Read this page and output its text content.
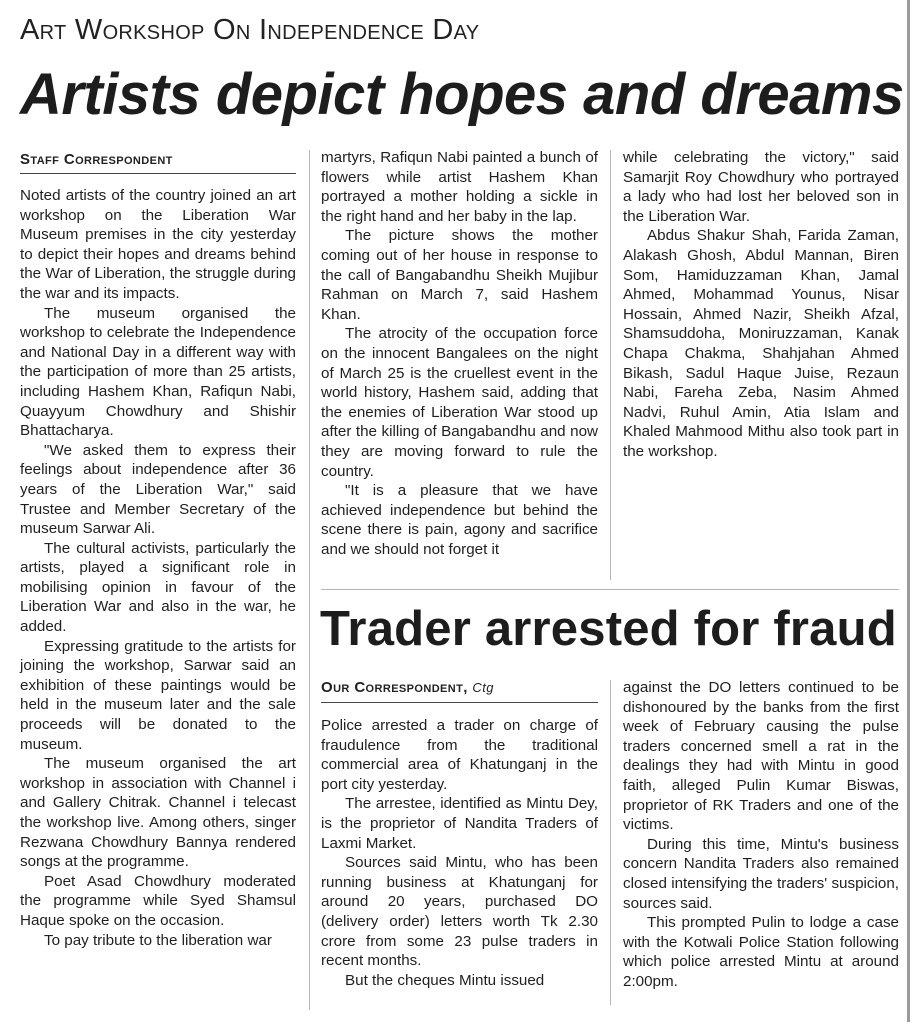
Art Workshop On Independence Day
Artists depict hopes and dreams
Staff Correspondent

Noted artists of the country joined an art workshop on the Liberation War Museum premises in the city yesterday to depict their hopes and dreams behind the War of Liberation, the struggle during the war and its impacts.

The museum organised the workshop to celebrate the Independence and National Day in a different way with the participation of more than 25 artists, including Hashem Khan, Rafiqun Nabi, Quayyum Chowdhury and Shishir Bhattacharya.

"We asked them to express their feelings about independence after 36 years of the Liberation War," said Trustee and Member Secretary of the museum Sarwar Ali.

The cultural activists, particularly the artists, played a significant role in mobilising opinion in favour of the Liberation War and also in the war, he added.

Expressing gratitude to the artists for joining the workshop, Sarwar said an exhibition of these paintings would be held in the museum later and the sale proceeds will be donated to the museum.

The museum organised the art workshop in association with Channel i and Gallery Chitrak. Channel i telecast the workshop live. Among others, singer Rezwana Chowdhury Bannya rendered songs at the programme.

Poet Asad Chowdhury moderated the programme while Syed Shamsul Haque spoke on the occasion.

To pay tribute to the liberation war

martyrs, Rafiqun Nabi painted a bunch of flowers while artist Hashem Khan portrayed a mother holding a sickle in the right hand and her baby in the lap.

The picture shows the mother coming out of her house in response to the call of Bangabandhu Sheikh Mujibur Rahman on March 7, said Hashem Khan.

The atrocity of the occupation force on the innocent Bangalees on the night of March 25 is the cruellest event in the world history, Hashem said, adding that the enemies of Liberation War stood up after the killing of Bangabandhu and now they are moving forward to rule the country.

"It is a pleasure that we have achieved independence but behind the scene there is pain, agony and sacrifice and we should not forget it

while celebrating the victory," said Samarjit Roy Chowdhury who portrayed a lady who had lost her beloved son in the Liberation War.

Abdus Shakur Shah, Farida Zaman, Alakash Ghosh, Abdul Mannan, Biren Som, Hamiduzzaman Khan, Jamal Ahmed, Mohammad Younus, Nisar Hossain, Ahmed Nazir, Sheikh Afzal, Shamsuddoha, Moniruzzaman, Kanak Chapa Chakma, Shahjahan Ahmed Bikash, Sadul Haque Juise, Rezaun Nabi, Fareha Zeba, Nasim Ahmed Nadvi, Ruhul Amin, Atia Islam and Khaled Mahmood Mithu also took part in the workshop.

Trader arrested for fraud
Our Correspondent, Ctg

Police arrested a trader on charge of fraudulence from the traditional commercial area of Khatunganj in the port city yesterday.

The arrestee, identified as Mintu Dey, is the proprietor of Nandita Traders of Laxmi Market.

Sources said Mintu, who has been running business at Khatunganj for around 20 years, purchased DO (delivery order) letters worth Tk 2.30 crore from some 23 pulse traders in recent months.

But the cheques Mintu issued

against the DO letters continued to be dishonoured by the banks from the first week of February causing the pulse traders concerned smell a rat in the dealings they had with Mintu in good faith, alleged Pulin Kumar Biswas, proprietor of RK Traders and one of the victims.

During this time, Mintu's business concern Nandita Traders also remained closed intensifying the traders' suspicion, sources said.

This prompted Pulin to lodge a case with the Kotwali Police Station following which police arrested Mintu at around 2:00pm.
